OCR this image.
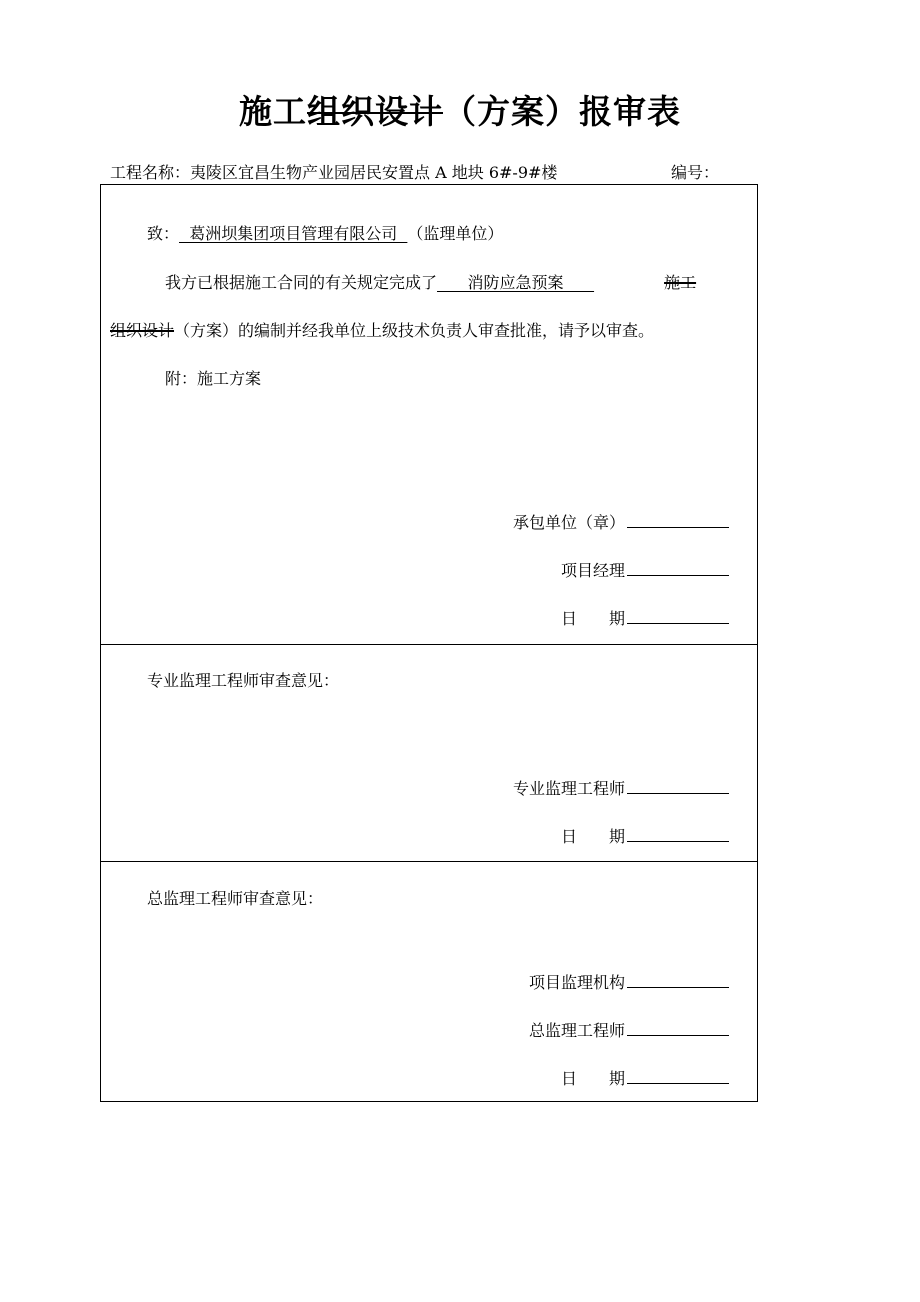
施工组织设计（方案）报审表
工程名称：夷陵区宜昌生物产业园居民安置点 A 地块 6#-9#楼	编号：
致：  葛洲坝集团项目管理有限公司  （监理单位）
我方已根据施工合同的有关规定完成了      消防应急预案	施工
组织设计（方案）的编制并经我单位上级技术负责人审查批准，请予以审查。
附：施工方案
承包单位（章）
项目经理
日　　期
专业监理工程师审查意见：
专业监理工程师
日　　期
总监理工程师审查意见：
项目监理机构
总监理工程师
日　　期
